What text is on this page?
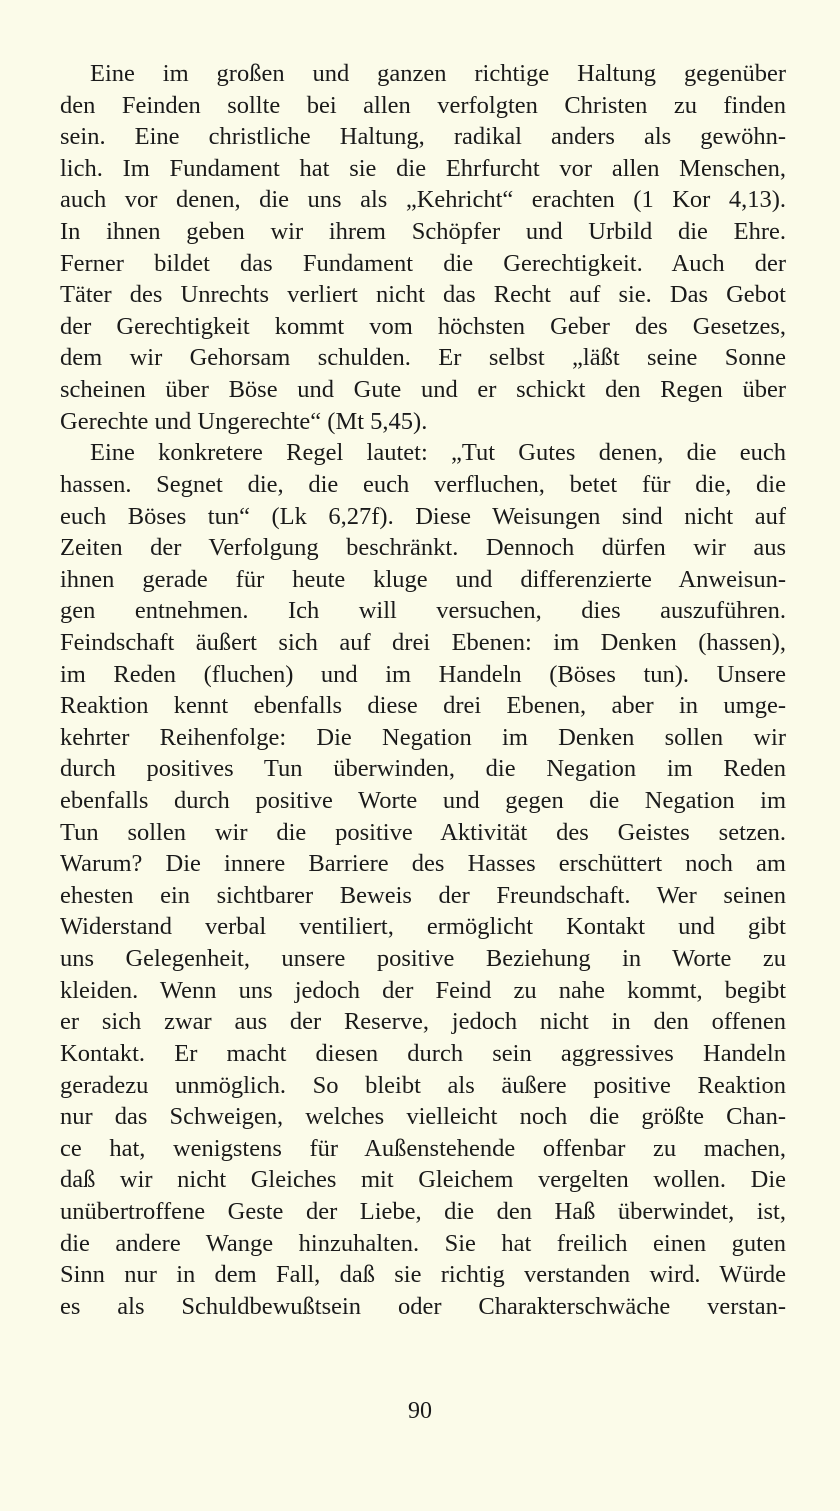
Eine im großen und ganzen richtige Haltung gegenüber
den Feinden sollte bei allen verfolgten Christen zu finden
sein. Eine christliche Haltung, radikal anders als gewöhn-
lich. Im Fundament hat sie die Ehrfurcht vor allen Menschen,
auch vor denen, die uns als „Kehricht“ erachten (1 Kor 4,13).
In ihnen geben wir ihrem Schöpfer und Urbild die Ehre.
Ferner bildet das Fundament die Gerechtigkeit. Auch der
Täter des Unrechts verliert nicht das Recht auf sie. Das Gebot
der Gerechtigkeit kommt vom höchsten Geber des Gesetzes,
dem wir Gehorsam schulden. Er selbst „läßt seine Sonne
scheinen über Böse und Gute und er schickt den Regen über
Gerechte und Ungerechte“ (Mt 5,45).
Eine konkretere Regel lautet: „Tut Gutes denen, die euch
hassen. Segnet die, die euch verfluchen, betet für die, die
euch Böses tun“ (Lk 6,27f). Diese Weisungen sind nicht auf
Zeiten der Verfolgung beschränkt. Dennoch dürfen wir aus
ihnen gerade für heute kluge und differenzierte Anweisun-
gen entnehmen. Ich will versuchen, dies auszuführen.
Feindschaft äußert sich auf drei Ebenen: im Denken (hassen),
im Reden (fluchen) und im Handeln (Böses tun). Unsere
Reaktion kennt ebenfalls diese drei Ebenen, aber in umge-
kehrter Reihenfolge: Die Negation im Denken sollen wir
durch positives Tun überwinden, die Negation im Reden
ebenfalls durch positive Worte und gegen die Negation im
Tun sollen wir die positive Aktivität des Geistes setzen.
Warum? Die innere Barriere des Hasses erschüttert noch am
ehesten ein sichtbarer Beweis der Freundschaft. Wer seinen
Widerstand verbal ventiliert, ermöglicht Kontakt und gibt
uns Gelegenheit, unsere positive Beziehung in Worte zu
kleiden. Wenn uns jedoch der Feind zu nahe kommt, begibt
er sich zwar aus der Reserve, jedoch nicht in den offenen
Kontakt. Er macht diesen durch sein aggressives Handeln
geradezu unmöglich. So bleibt als äußere positive Reaktion
nur das Schweigen, welches vielleicht noch die größte Chan-
ce hat, wenigstens für Außenstehende offenbar zu machen,
daß wir nicht Gleiches mit Gleichem vergelten wollen. Die
unübertroffene Geste der Liebe, die den Haß überwindet, ist,
die andere Wange hinzuhalten. Sie hat freilich einen guten
Sinn nur in dem Fall, daß sie richtig verstanden wird. Würde
es als Schuldbewußtsein oder Charakterschwäche verstan-
90
